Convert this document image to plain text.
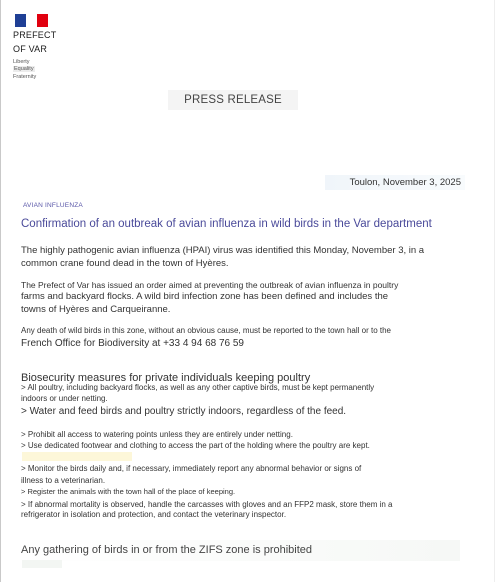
PREFECT
OF VAR
Liberty
Equality
Fraternity
PRESS RELEASE
Toulon, November 3, 2025
AVIAN INFLUENZA
Confirmation of an outbreak of avian influenza in wild birds in the Var department
The highly pathogenic avian influenza (HPAI) virus was identified this Monday, November 3, in a
common crane found dead in the town of Hyères.
The Prefect of Var has issued an order aimed at preventing the outbreak of avian influenza in poultry
farms and backyard flocks. A wild bird infection zone has been defined and includes the
towns of Hyères and Carqueiranne.
Any death of wild birds in this zone, without an obvious cause, must be reported to the town hall or to the
French Office for Biodiversity at +33 4 94 68 76 59
Biosecurity measures for private individuals keeping poultry
> All poultry, including backyard flocks, as well as any other captive birds, must be kept permanently
indoors or under netting.
> Water and feed birds and poultry strictly indoors, regardless of the feed.
> Prohibit all access to watering points unless they are entirely under netting.
> Use dedicated footwear and clothing to access the part of the holding where the poultry are kept.
> Monitor the birds daily and, if necessary, immediately report any abnormal behavior or signs of
illness to a veterinarian.
> Register the animals with the town hall of the place of keeping.
> If abnormal mortality is observed, handle the carcasses with gloves and an FFP2 mask, store them in a
refrigerator in isolation and protection, and contact the veterinary inspector.
Any gathering of birds in or from the ZIFS zone is prohibited
